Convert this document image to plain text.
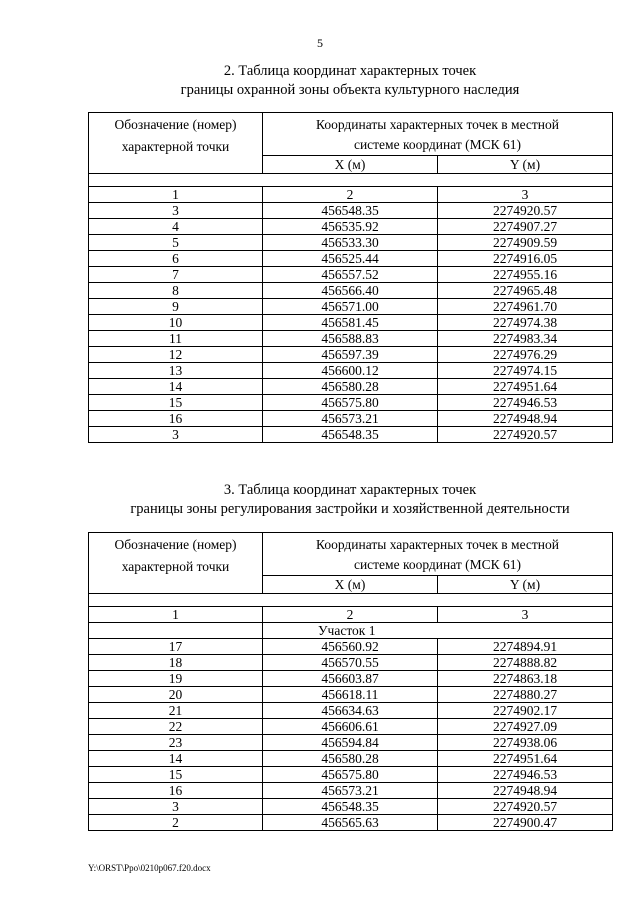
5
2. Таблица координат характерных точек
границы охранной зоны объекта культурного наследия
Обозначение (номер) характерной точки	Координаты характерных точек в местной системе координат (МСК 61)	
	X (м)	Y (м)

1	2	3
3	456548.35	2274920.57
4	456535.92	2274907.27
5	456533.30	2274909.59
6	456525.44	2274916.05
7	456557.52	2274955.16
8	456566.40	2274965.48
9	456571.00	2274961.70
10	456581.45	2274974.38
11	456588.83	2274983.34
12	456597.39	2274976.29
13	456600.12	2274974.15
14	456580.28	2274951.64
15	456575.80	2274946.53
16	456573.21	2274948.94
3	456548.35	2274920.57
3. Таблица координат характерных точек
границы зоны регулирования застройки и хозяйственной деятельности
Обозначение (номер) характерной точки	Координаты характерных точек в местной системе координат (МСК 61)	
	X (м)	Y (м)

1	2	3
	Участок 1	
17	456560.92	2274894.91
18	456570.55	2274888.82
19	456603.87	2274863.18
20	456618.11	2274880.27
21	456634.63	2274902.17
22	456606.61	2274927.09
23	456594.84	2274938.06
14	456580.28	2274951.64
15	456575.80	2274946.53
16	456573.21	2274948.94
3	456548.35	2274920.57
2	456565.63	2274900.47
Y:\ORST\Ppo\0210p067.f20.docx
